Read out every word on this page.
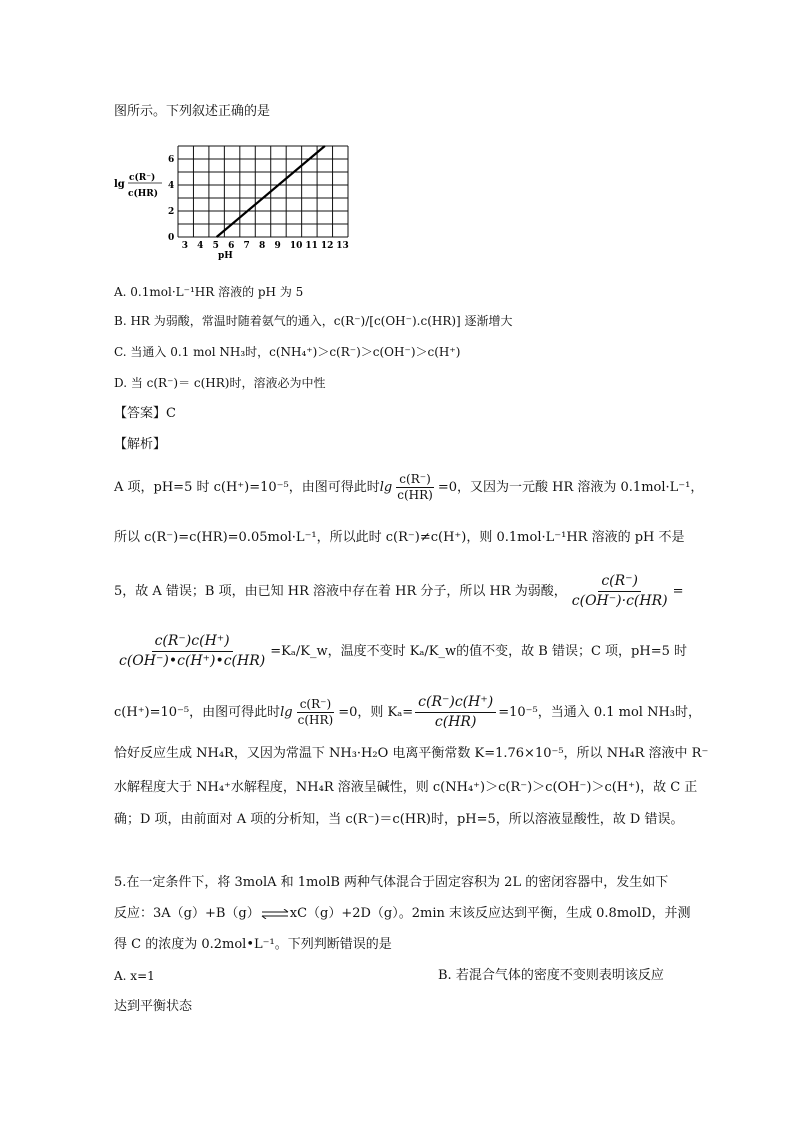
图所示。下列叙述正确的是
lg
c(R⁻)
c(HR)
0
2
4
6
3 4 5 6 7 8 9 10 11 12 13
pH
A. 0.1mol·L⁻¹HR 溶液的 pH 为 5
B. HR 为弱酸，常温时随着氨气的通入，c(R⁻)/[c(OH⁻).c(HR)] 逐渐增大
C. 当通入 0.1 mol NH₃时，c(NH₄⁺)＞c(R⁻)＞c(OH⁻)＞c(H⁺)
D. 当 c(R⁻)＝ c(HR)时，溶液必为中性
【答案】C
【解析】
A 项，pH=5 时 c(H⁺)=10⁻⁵，由图可得此时$\lg \frac{c(R^-)}{c(HR)} =0$，又因为一元酸 HR 溶液为 0.1mol·L⁻¹，
所以 c(R⁻)=c(HR)=0.05mol·L⁻¹，所以此时 c(R⁻)≠c(H⁺)，则 0.1mol·L⁻¹HR 溶液的 pH 不是
5，故 A 错误；B 项，由已知 HR 溶液中存在着 HR 分子，所以 HR 为弱酸， $\frac{c(R^-)}{c(OH^-)\cdot c(HR)}$ =
$\frac{c(R^-)c(H^+)}{c(OH^-)•c(H^+)•c(HR)}$ =Kₐ/K_w，温度不变时 Kₐ/K_w的值不变，故 B 错误；C 项，pH=5 时
c(H⁺)=10⁻⁵，由图可得此时$\lg \frac{c(R^-)}{c(HR)} =0$，则 $K_a= \frac{c(R^-)c(H^+)}{c(HR)} =10^{-5}$，当通入 0.1 mol NH₃时，
恰好反应生成 NH₄R，又因为常温下 NH₃·H₂O 电离平衡常数 K=1.76×10⁻⁵，所以 NH₄R 溶液中 R⁻
水解程度大于 NH₄⁺水解程度，NH₄R 溶液呈碱性，则 c(NH₄⁺)＞c(R⁻)＞c(OH⁻)＞c(H⁺)，故 C 正
确；D 项，由前面对 A 项的分析知，当 c(R⁻)＝c(HR)时，pH=5，所以溶液显酸性，故 D 错误。
5.在一定条件下，将 3molA 和 1molB 两种气体混合于固定容积为 2L 的密闭容器中，发生如下
反应：3A（g）+B（g）⇌xC（g）+2D（g）。2min 末该反应达到平衡，生成 0.8molD，并测
得 C 的浓度为 0.2mol•L⁻¹。下列判断错误的是
A. x=1	B. 若混合气体的密度不变则表明该反应
达到平衡状态
